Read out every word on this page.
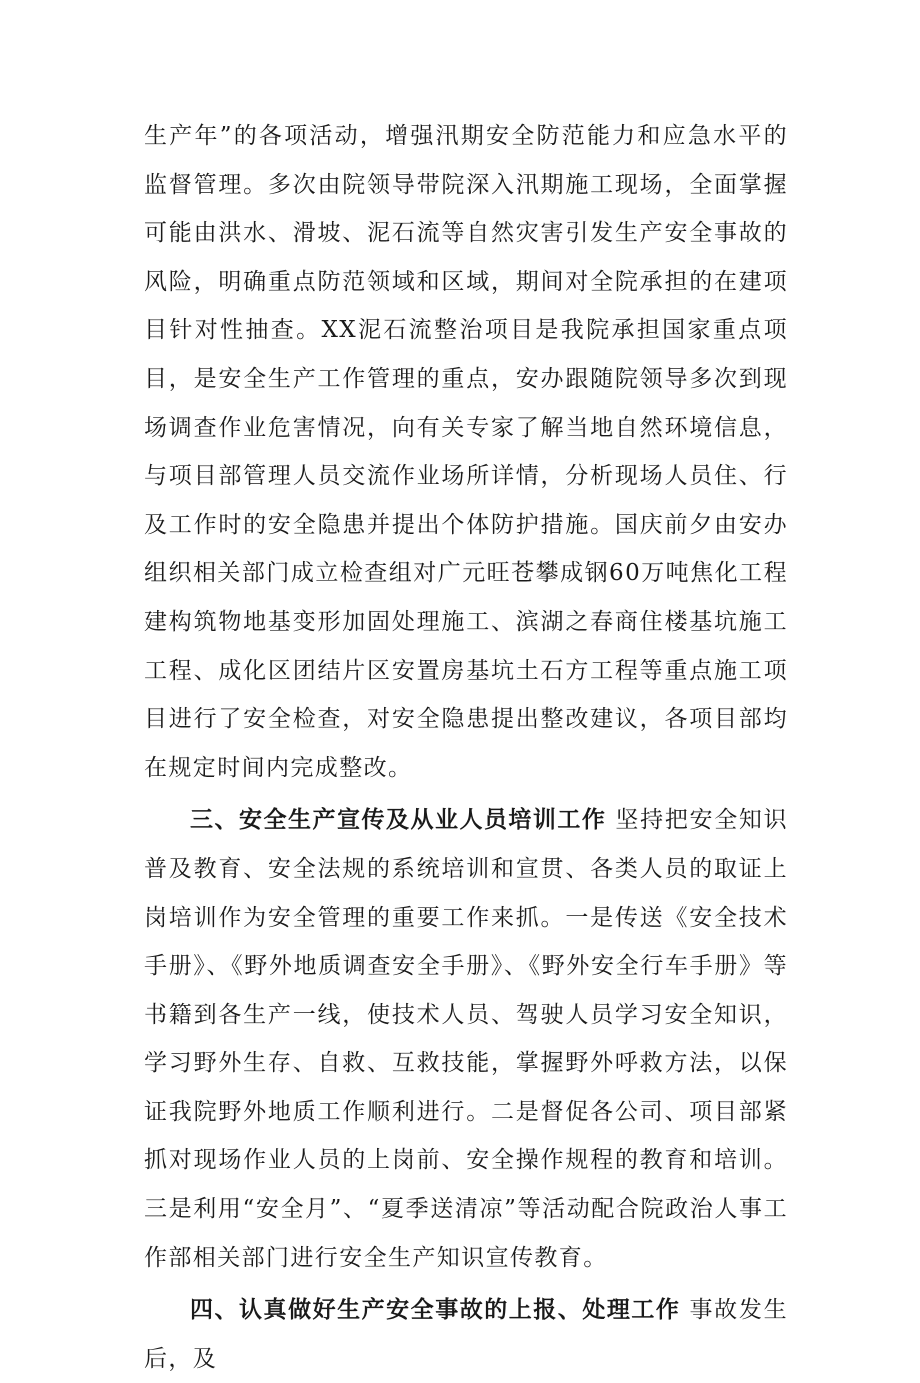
生产年”的各项活动，增强汛期安全防范能力和应急水平的监督管理。多次由院领导带院深入汛期施工现场，全面掌握可能由洪水、滑坡、泥石流等自然灾害引发生产安全事故的风险，明确重点防范领域和区域，期间对全院承担的在建项目针对性抽查。XX泥石流整治项目是我院承担国家重点项目，是安全生产工作管理的重点，安办跟随院领导多次到现场调查作业危害情况，向有关专家了解当地自然环境信息，与项目部管理人员交流作业场所详情，分析现场人员住、行及工作时的安全隐患并提出个体防护措施。国庆前夕由安办组织相关部门成立检查组对广元旺苍攀成钢60万吨焦化工程建构筑物地基变形加固处理施工、滨湖之春商住楼基坑施工工程、成化区团结片区安置房基坑土石方工程等重点施工项目进行了安全检查，对安全隐患提出整改建议，各项目部均在规定时间内完成整改。

三、安全生产宣传及从业人员培训工作 坚持把安全知识普及教育、安全法规的系统培训和宣贯、各类人员的取证上岗培训作为安全管理的重要工作来抓。一是传送《安全技术手册》、《野外地质调查安全手册》、《野外安全行车手册》等书籍到各生产一线，使技术人员、驾驶人员学习安全知识，学习野外生存、自救、互救技能，掌握野外呼救方法，以保证我院野外地质工作顺利进行。二是督促各公司、项目部紧抓对现场作业人员的上岗前、安全操作规程的教育和培训。三是利用“安全月”、“夏季送清凉”等活动配合院政治人事工作部相关部门进行安全生产知识宣传教育。

四、认真做好生产安全事故的上报、处理工作 事故发生后，及
